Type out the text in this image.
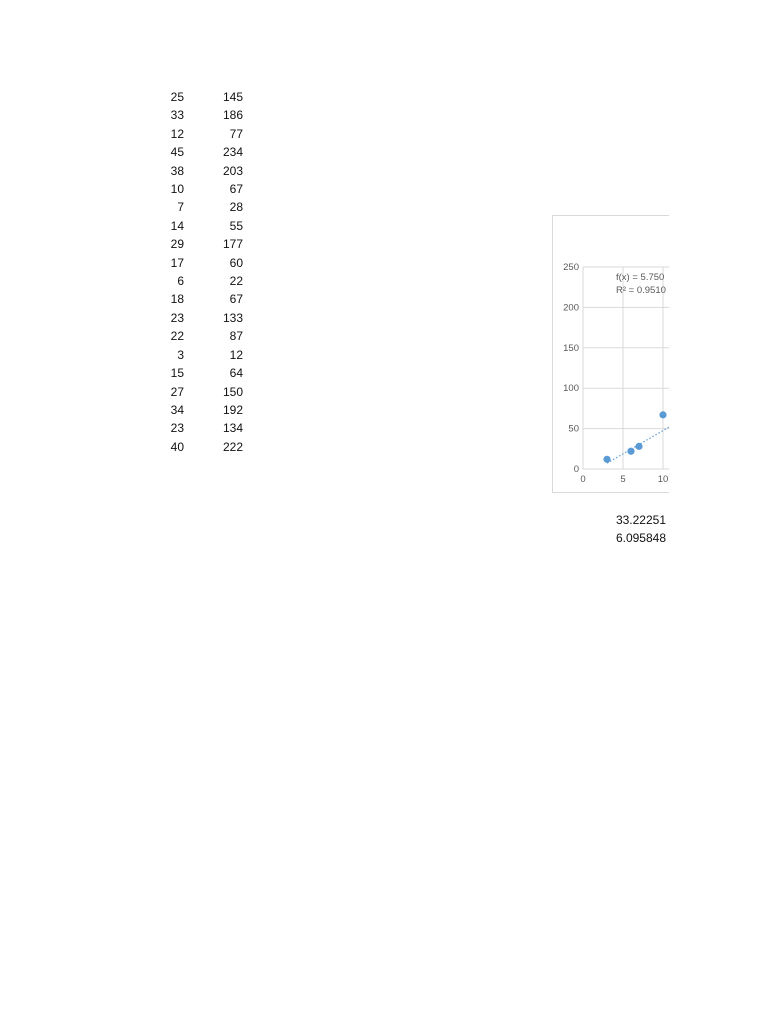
25	145
33	186
12	77
45	234
38	203
10	67
7	28
14	55
29	177
17	60
6	22
18	67
23	133
22	87
3	12
15	64
27	150
34	192
23	134
40	222
0
50
100
150
200
250
0	5	10
f(x) = 5.750
R² = 0.9510
33.22251
6.095848
